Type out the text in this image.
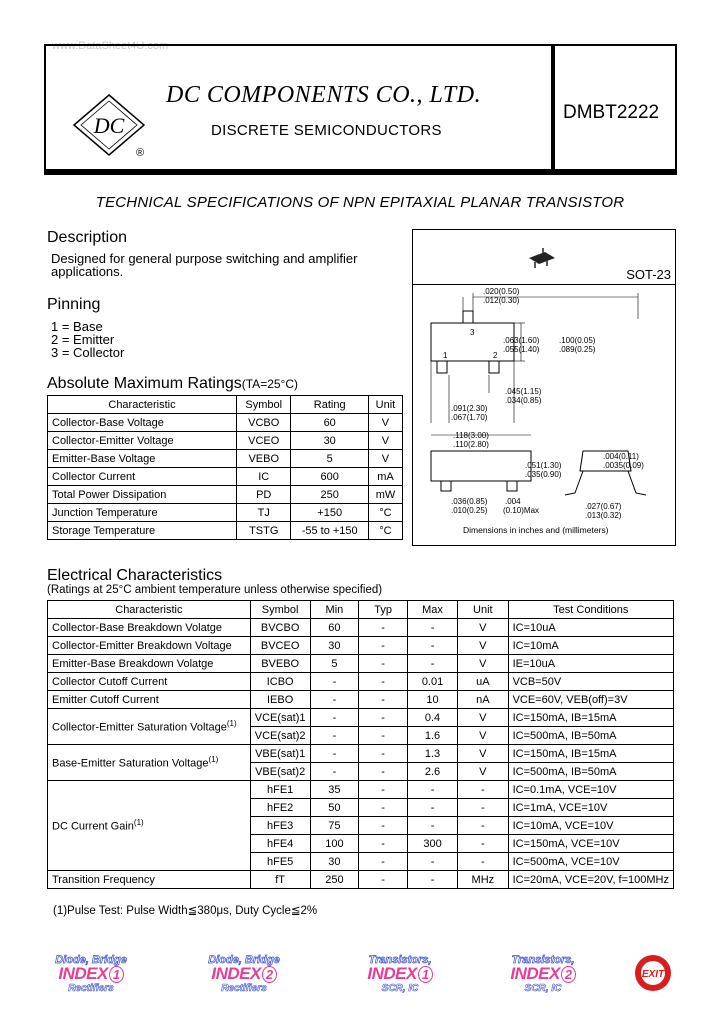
www.DataSheet4U.com
DC
®
DC COMPONENTS CO., LTD.
DISCRETE SEMICONDUCTORS
DMBT2222
TECHNICAL SPECIFICATIONS OF NPN EPITAXIAL PLANAR TRANSISTOR
Description
Designed for general purpose switching and amplifier
applications.
Pinning
1 = Base
2 = Emitter
3 = Collector
SOT-23
3
1	2
.020(0.50)
.012(0.30)
.063(1.60)
.055(1.40)
.100(0.05)
.089(0.25)
.045(1.15)
.034(0.85)
.091(2.30)
.067(1.70)
.118(3.00)
.110(2.80)
.051(1.30)
.035(0.90)
.036(0.85)
.010(0.25)
.004
(0.10)Max
.004(0.11)
.0035(0.09)
.027(0.67)
.013(0.32)
Dimensions in inches and (millimeters)
Absolute Maximum Ratings(TA=25°C)
Characteristic	Symbol	Rating	Unit
Collector-Base Voltage	VCBO	60	V
Collector-Emitter Voltage	VCEO	30	V
Emitter-Base Voltage	VEBO	5	V
Collector Current	IC	600	mA
Total Power Dissipation	PD	250	mW
Junction Temperature	TJ	+150	°C
Storage Temperature	TSTG	-55 to +150	°C
Electrical Characteristics
(Ratings at 25°C ambient temperature unless otherwise specified)
Characteristic	Symbol	Min	Typ	Max	Unit	Test Conditions
Collector-Base Breakdown Volatge	BVCBO	60	-	-	V	IC=10uA
Collector-Emitter Breakdown Voltage	BVCEO	30	-	-	V	IC=10mA
Emitter-Base Breakdown Volatge	BVEBO	5	-	-	V	IE=10uA
Collector Cutoff Current	ICBO	-	-	0.01	uA	VCB=50V
Emitter Cutoff Current	IEBO	-	-	10	nA	VCE=60V, VEB(off)=3V
Collector-Emitter Saturation Voltage$^{(1)}$	VCE(sat)1	-	-	0.4	V	IC=150mA, IB=15mA
	VCE(sat)2	-	-	1.6	V	IC=500mA, IB=50mA
Base-Emitter Saturation Voltage$^{(1)}$	VBE(sat)1	-	-	1.3	V	IC=150mA, IB=15mA
	VBE(sat)2	-	-	2.6	V	IC=500mA, IB=50mA
DC Current Gain$^{(1)}$	hFE1	35	-	-	-	IC=0.1mA, VCE=10V
	hFE2	50	-	-	-	IC=1mA, VCE=10V
	hFE3	75	-	-	-	IC=10mA, VCE=10V
	hFE4	100	-	300	-	IC=150mA, VCE=10V
	hFE5	30	-	-	-	IC=500mA, VCE=10V
Transition Frequency	fT	250	-	-	MHz	IC=20mA, VCE=20V, f=100MHz
(1)Pulse Test: Pulse Width≦380μs, Duty Cycle≦2%
Diode, Bridge
INDEX 1
Rectifiers
Diode, Bridge
INDEX 2
Rectifiers
Transistors,
INDEX 1
SCR, IC
Transistors,
INDEX 2
SCR, IC
EXIT
